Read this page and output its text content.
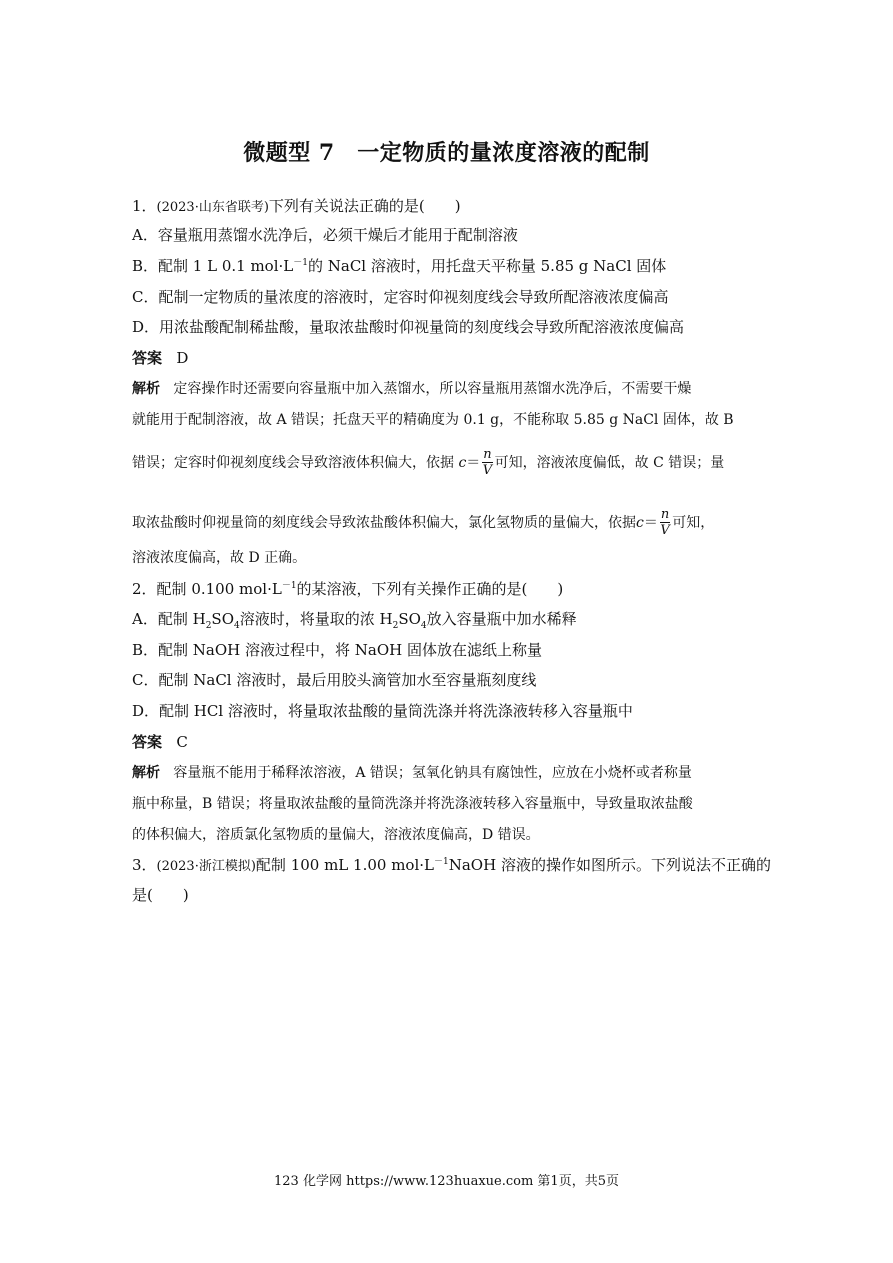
微题型 7　一定物质的量浓度溶液的配制
1．(2023·山东省联考)下列有关说法正确的是(　　)
A．容量瓶用蒸馏水洗净后，必须干燥后才能用于配制溶液
B．配制 1 L 0.1 $mol\cdot L^{-1}$的 NaCl 溶液时，用托盘天平称量 5.85 g NaCl 固体
C．配制一定物质的量浓度的溶液时，定容时仰视刻度线会导致所配溶液浓度偏高
D．用浓盐酸配制稀盐酸，量取浓盐酸时仰视量筒的刻度线会导致所配溶液浓度偏高
答案 D
解析 定容操作时还需要向容量瓶中加入蒸馏水，所以容量瓶用蒸馏水洗净后，不需要干燥
就能用于配制溶液，故 A 错误；托盘天平的精确度为 0.1 g，不能称取 5.85 g NaCl 固体，故 B
错误；定容时仰视刻度线会导致溶液体积偏大，依据 $c= \frac{n}{V}$ 可知，溶液浓度偏低，故 C 错误；量
取浓盐酸时仰视量筒的刻度线会导致浓盐酸体积偏大，氯化氢物质的量偏大，依据$c= \frac{n}{V}$ 可知，
溶液浓度偏高，故 D 正确。
2．配制 0.100 $mol\cdot L^{-1}$的某溶液，下列有关操作正确的是(　　)
A．配制 $H_2SO_4$溶液时，将量取的浓 $H_2SO_4$放入容量瓶中加水稀释
B．配制 NaOH 溶液过程中，将 NaOH 固体放在滤纸上称量
C．配制 NaCl 溶液时，最后用胶头滴管加水至容量瓶刻度线
D．配制 HCl 溶液时，将量取浓盐酸的量筒洗涤并将洗涤液转移入容量瓶中
答案 C
解析 容量瓶不能用于稀释浓溶液，A 错误；氢氧化钠具有腐蚀性，应放在小烧杯或者称量
瓶中称量，B 错误；将量取浓盐酸的量筒洗涤并将洗涤液转移入容量瓶中，导致量取浓盐酸
的体积偏大，溶质氯化氢物质的量偏大，溶液浓度偏高，D 错误。
3．(2023·浙江模拟)配制 100 mL 1.00 $mol\cdot L^{-1}NaOH$ 溶液的操作如图所示。下列说法不正确的
是(　　)
123 化学网 https://www.123huaxue.com 第1页，共5页
